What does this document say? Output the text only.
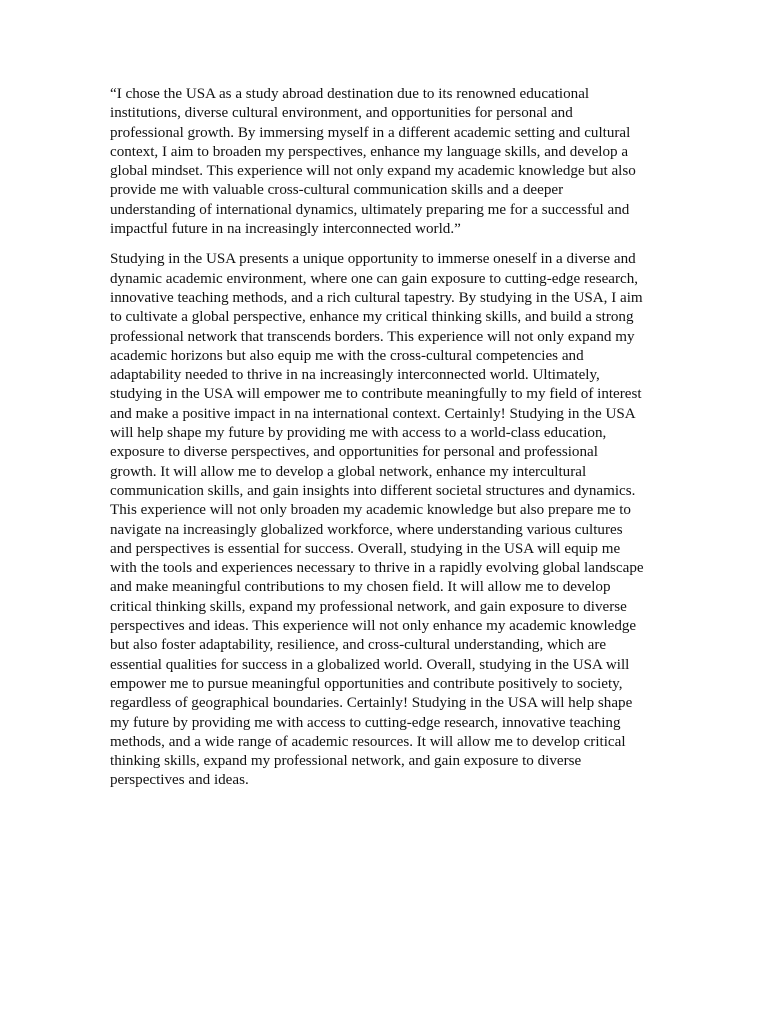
“I chose the USA as a study abroad destination due to its renowned educational
institutions, diverse cultural environment, and opportunities for personal and
professional growth. By immersing myself in a different academic setting and cultural
context, I aim to broaden my perspectives, enhance my language skills, and develop a
global mindset. This experience will not only expand my academic knowledge but also
provide me with valuable cross-cultural communication skills and a deeper
understanding of international dynamics, ultimately preparing me for a successful and
impactful future in na increasingly interconnected world.”
Studying in the USA presents a unique opportunity to immerse oneself in a diverse and
dynamic academic environment, where one can gain exposure to cutting-edge research,
innovative teaching methods, and a rich cultural tapestry. By studying in the USA, I aim
to cultivate a global perspective, enhance my critical thinking skills, and build a strong
professional network that transcends borders. This experience will not only expand my
academic horizons but also equip me with the cross-cultural competencies and
adaptability needed to thrive in na increasingly interconnected world. Ultimately,
studying in the USA will empower me to contribute meaningfully to my field of interest
and make a positive impact in na international context. Certainly! Studying in the USA
will help shape my future by providing me with access to a world-class education,
exposure to diverse perspectives, and opportunities for personal and professional
growth. It will allow me to develop a global network, enhance my intercultural
communication skills, and gain insights into different societal structures and dynamics.
This experience will not only broaden my academic knowledge but also prepare me to
navigate na increasingly globalized workforce, where understanding various cultures
and perspectives is essential for success. Overall, studying in the USA will equip me
with the tools and experiences necessary to thrive in a rapidly evolving global landscape
and make meaningful contributions to my chosen field. It will allow me to develop
critical thinking skills, expand my professional network, and gain exposure to diverse
perspectives and ideas. This experience will not only enhance my academic knowledge
but also foster adaptability, resilience, and cross-cultural understanding, which are
essential qualities for success in a globalized world. Overall, studying in the USA will
empower me to pursue meaningful opportunities and contribute positively to society,
regardless of geographical boundaries. Certainly! Studying in the USA will help shape
my future by providing me with access to cutting-edge research, innovative teaching
methods, and a wide range of academic resources. It will allow me to develop critical
thinking skills, expand my professional network, and gain exposure to diverse
perspectives and ideas.
